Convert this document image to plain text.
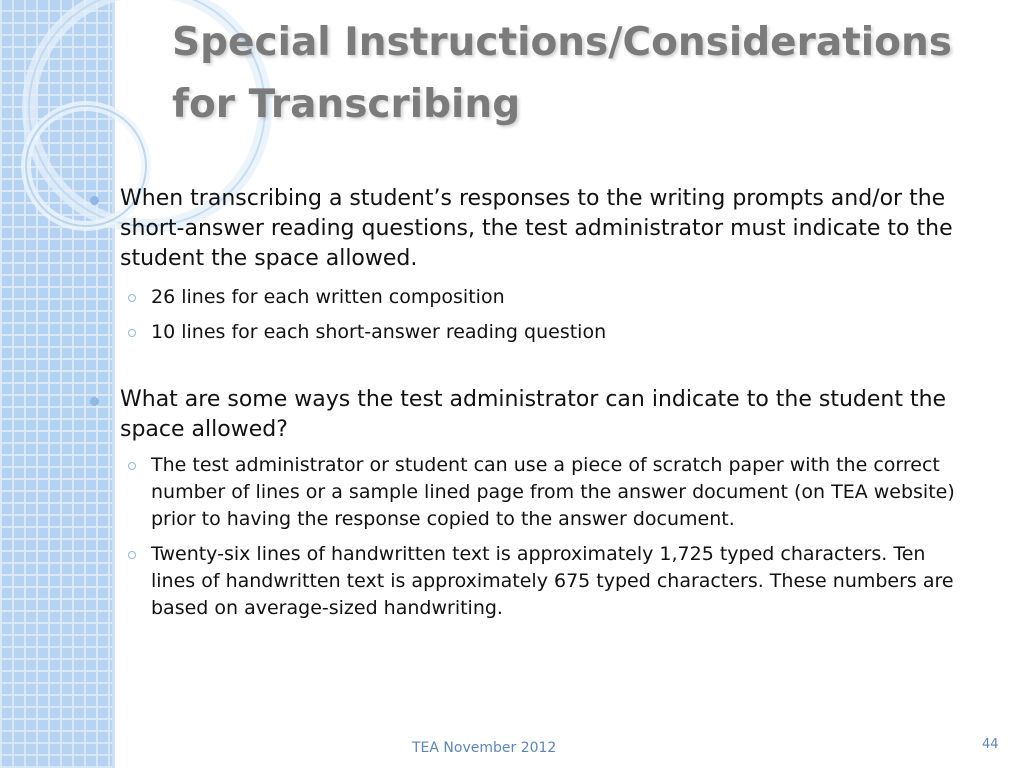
Special Instructions/Considerations for Transcribing
When transcribing a student’s responses to the writing prompts and/or the short-answer reading questions, the test administrator must indicate to the student the space allowed.
26 lines for each written composition
10 lines for each short-answer reading question
What are some ways the test administrator can indicate to the student the space allowed?
The test administrator or student can use a piece of scratch paper with the correct number of lines or a sample lined page from the answer document (on TEA website) prior to having the response copied to the answer document.
Twenty-six lines of handwritten text is approximately 1,725 typed characters. Ten lines of handwritten text is approximately 675 typed characters. These numbers are based on average-sized handwriting.
TEA November 2012	44
